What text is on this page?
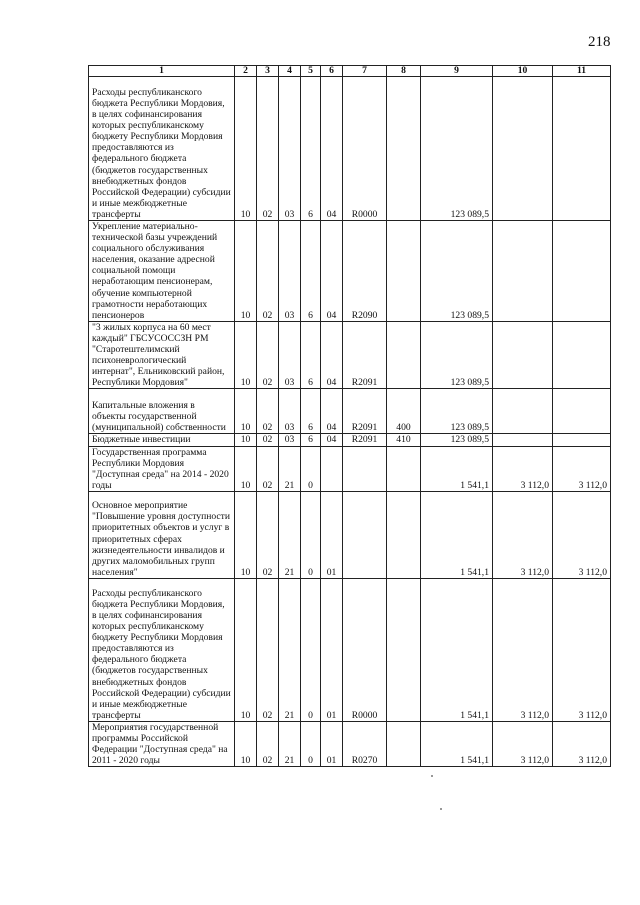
218
1	2	3	4	5	6	7	8	9	10	11
Расходы республиканского бюджета Республики Мордовия, в целях софинансирования которых республиканскому бюджету Республики Мордовия предоставляются из федерального бюджета (бюджетов государственных внебюджетных фондов Российской Федерации) субсидии и иные межбюджетные трансферты	10	02	03	6	04	R0000		123 089,5		
Укрепление материально-технической базы учреждений социального обслуживания населения, оказание адресной социальной помощи неработающим пенсионерам, обучение компьютерной грамотности неработающих пенсионеров	10	02	03	6	04	R2090		123 089,5		
"3 жилых корпуса на 60 мест каждый" ГБСУСОССЗН РМ "Старотештелимский психоневрологический интернат", Ельниковский район, Республики Мордовия"	10	02	03	6	04	R2091		123 089,5		
Капитальные вложения в объекты государственной (муниципальной) собственности	10	02	03	6	04	R2091	400	123 089,5		
Бюджетные инвестиции	10	02	03	6	04	R2091	410	123 089,5		
Государственная программа Республики Мордовия "Доступная среда" на 2014 - 2020 годы	10	02	21	0				1 541,1	3 112,0	3 112,0
Основное мероприятие "Повышение уровня доступности приоритетных объектов и услуг в приоритетных сферах жизнедеятельности инвалидов и других маломобильных групп населения"	10	02	21	0	01			1 541,1	3 112,0	3 112,0
Расходы республиканского бюджета Республики Мордовия, в целях софинансирования которых республиканскому бюджету Республики Мордовия предоставляются из федерального бюджета (бюджетов государственных внебюджетных фондов Российской Федерации) субсидии и иные межбюджетные трансферты	10	02	21	0	01	R0000		1 541,1	3 112,0	3 112,0
Мероприятия государственной программы Российской Федерации "Доступная среда" на 2011 - 2020 годы	10	02	21	0	01	R0270		1 541,1	3 112,0	3 112,0
